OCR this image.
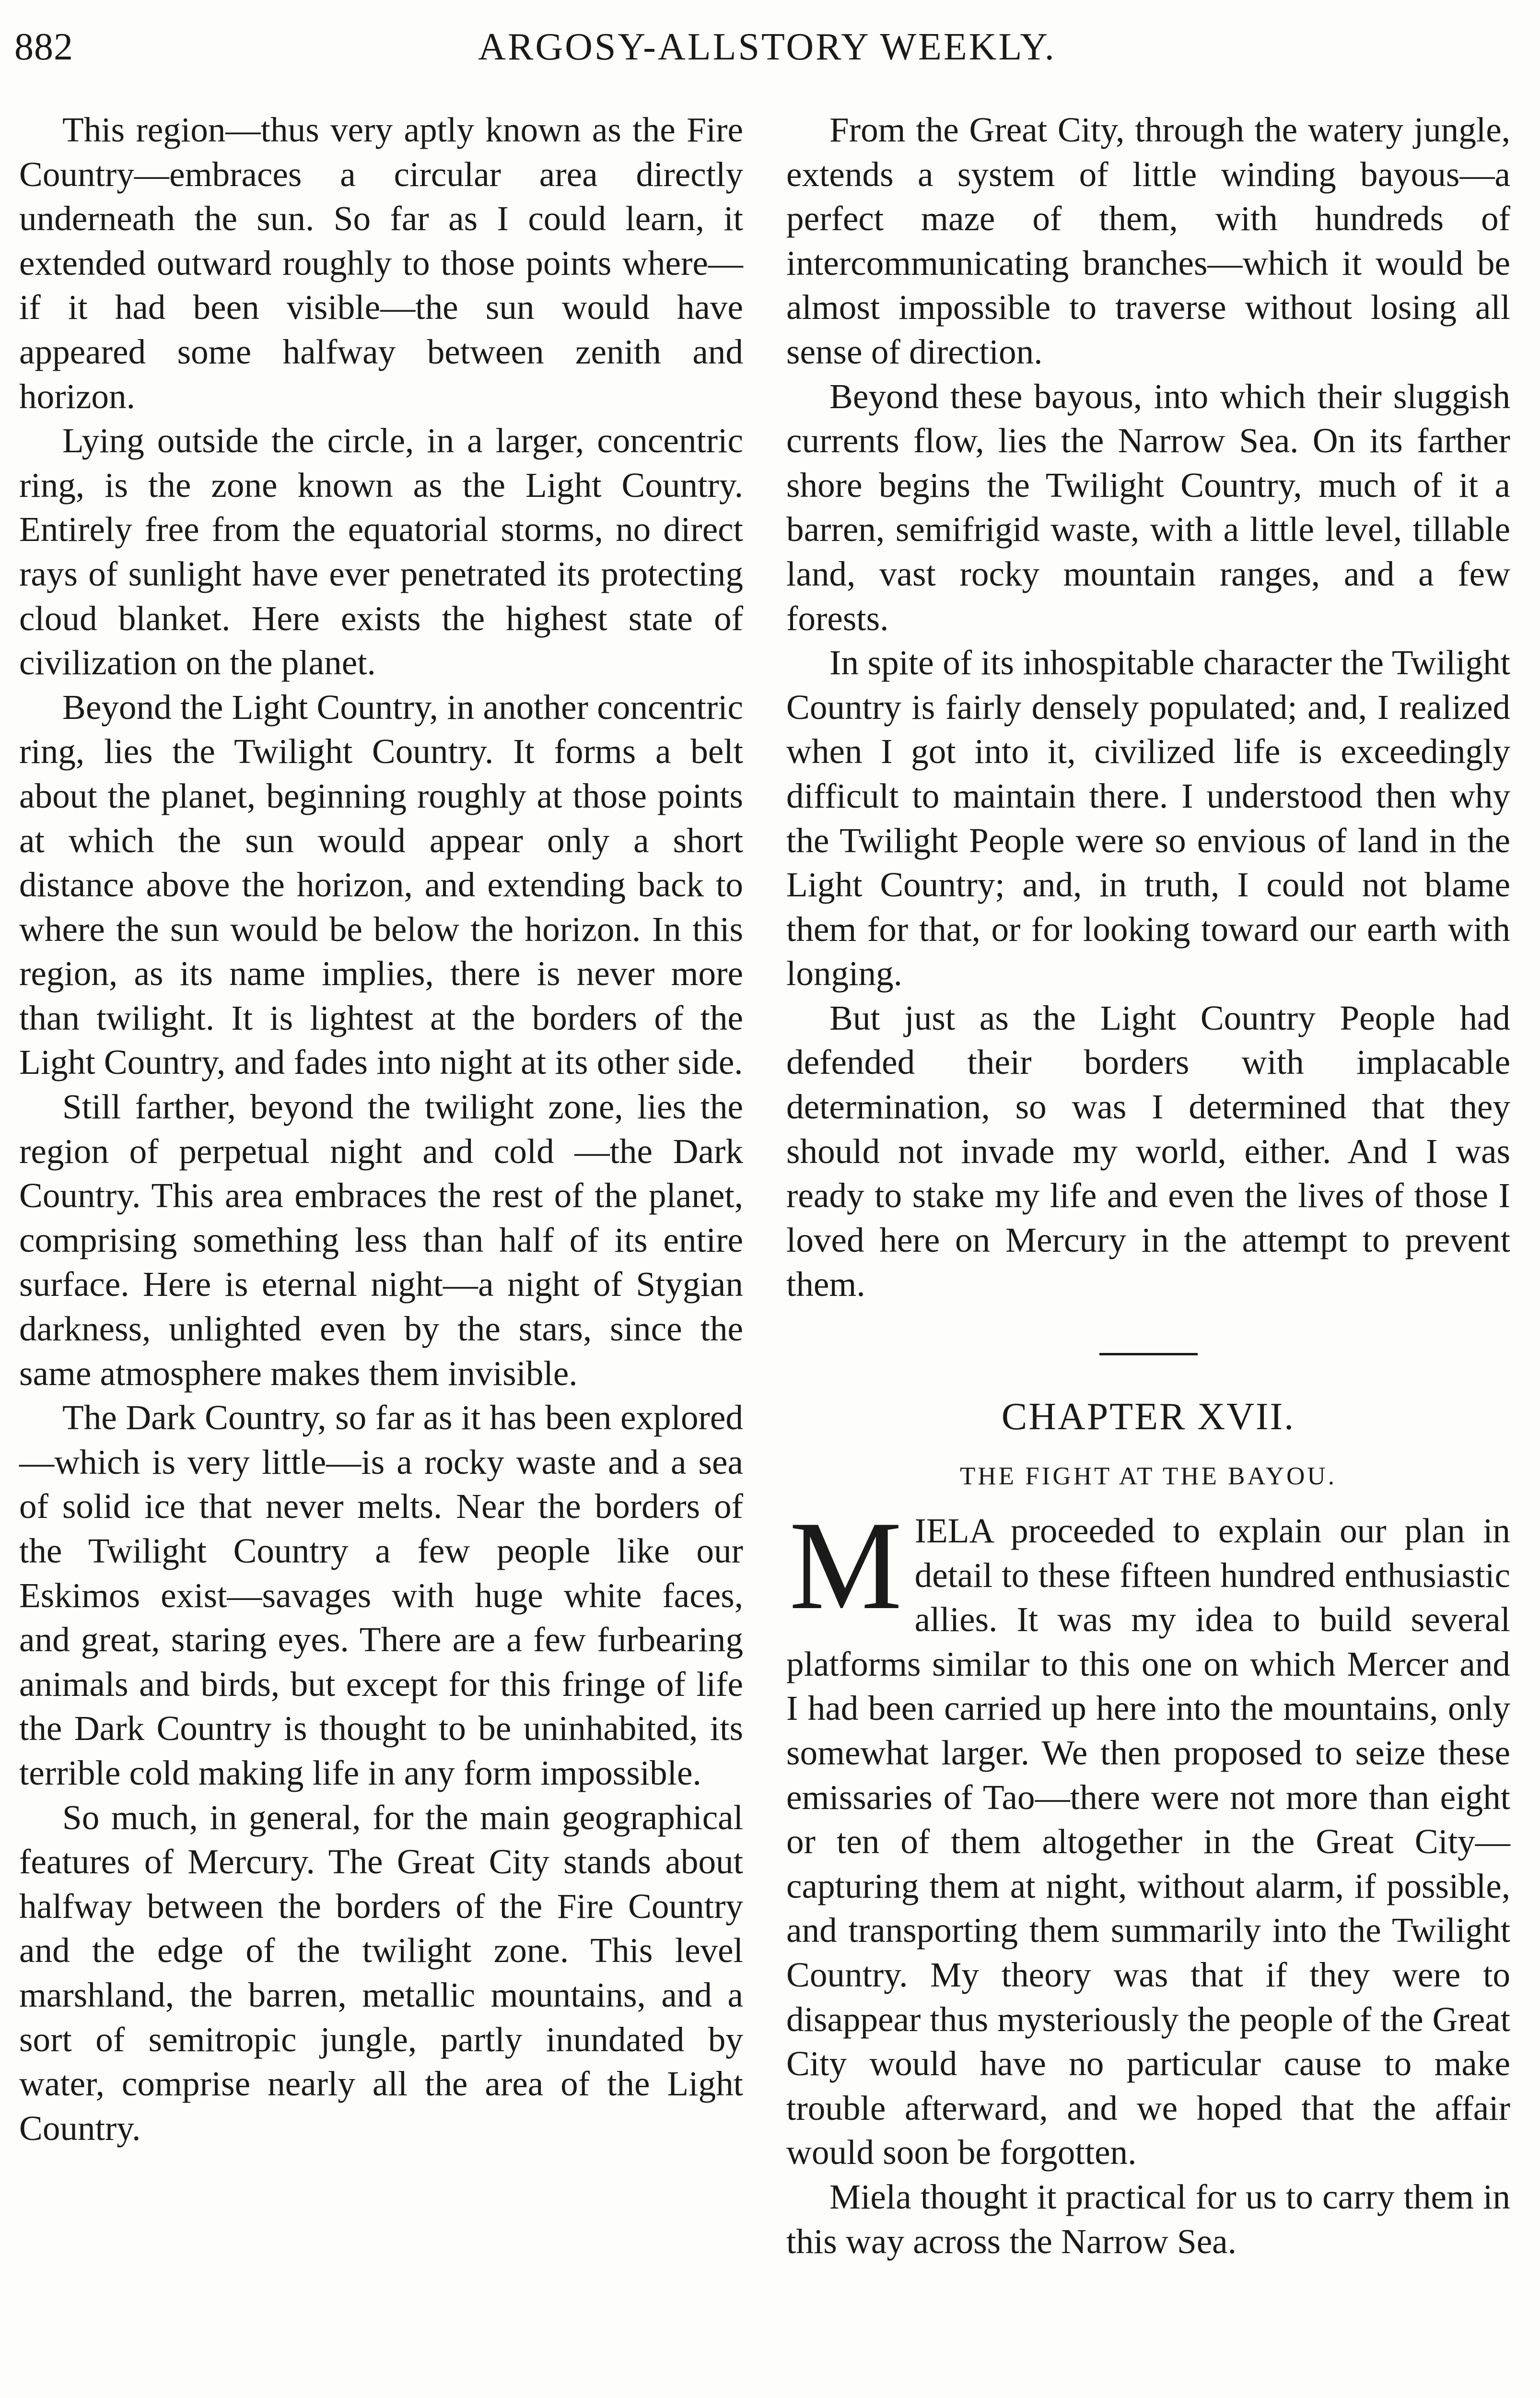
882	ARGOSY-ALLSTORY WEEKLY.

This region—thus very aptly known as the Fire Country—embraces a circular area directly underneath the sun. So far as I could learn, it extended outward roughly to those points where—if it had been visible—the sun would have appeared some halfway between zenith and horizon.

Lying outside the circle, in a larger, concentric ring, is the zone known as the Light Country. Entirely free from the equatorial storms, no direct rays of sunlight have ever penetrated its protecting cloud blanket. Here exists the highest state of civilization on the planet.

Beyond the Light Country, in another concentric ring, lies the Twilight Country. It forms a belt about the planet, beginning roughly at those points at which the sun would appear only a short distance above the horizon, and extending back to where the sun would be below the horizon. In this region, as its name implies, there is never more than twilight. It is lightest at the borders of the Light Country, and fades into night at its other side.

Still farther, beyond the twilight zone, lies the region of perpetual night and cold —the Dark Country. This area embraces the rest of the planet, comprising something less than half of its entire surface. Here is eternal night—a night of Stygian darkness, unlighted even by the stars, since the same atmosphere makes them invisible.

The Dark Country, so far as it has been explored—which is very little—is a rocky waste and a sea of solid ice that never melts. Near the borders of the Twilight Country a few people like our Eskimos exist—savages with huge white faces, and great, staring eyes. There are a few furbearing animals and birds, but except for this fringe of life the Dark Country is thought to be uninhabited, its terrible cold making life in any form impossible.

So much, in general, for the main geographical features of Mercury. The Great City stands about halfway between the borders of the Fire Country and the edge of the twilight zone. This level marshland, the barren, metallic mountains, and a sort of semitropic jungle, partly inundated by water, comprise nearly all the area of the Light Country.

From the Great City, through the watery jungle, extends a system of little winding bayous—a perfect maze of them, with hundreds of intercommunicating branches—which it would be almost impossible to traverse without losing all sense of direction.

Beyond these bayous, into which their sluggish currents flow, lies the Narrow Sea. On its farther shore begins the Twilight Country, much of it a barren, semifrigid waste, with a little level, tillable land, vast rocky mountain ranges, and a few forests.

In spite of its inhospitable character the Twilight Country is fairly densely populated; and, I realized when I got into it, civilized life is exceedingly difficult to maintain there. I understood then why the Twilight People were so envious of land in the Light Country; and, in truth, I could not blame them for that, or for looking toward our earth with longing.

But just as the Light Country People had defended their borders with implacable determination, so was I determined that they should not invade my world, either. And I was ready to stake my life and even the lives of those I loved here on Mercury in the attempt to prevent them.

CHAPTER XVII.
THE FIGHT AT THE BAYOU.

MIELA proceeded to explain our plan in detail to these fifteen hundred enthusiastic allies. It was my idea to build several platforms similar to this one on which Mercer and I had been carried up here into the mountains, only somewhat larger. We then proposed to seize these emissaries of Tao—there were not more than eight or ten of them altogether in the Great City—capturing them at night, without alarm, if possible, and transporting them summarily into the Twilight Country. My theory was that if they were to disappear thus mysteriously the people of the Great City would have no particular cause to make trouble afterward, and we hoped that the affair would soon be forgotten.

Miela thought it practical for us to carry them in this way across the Narrow Sea.
